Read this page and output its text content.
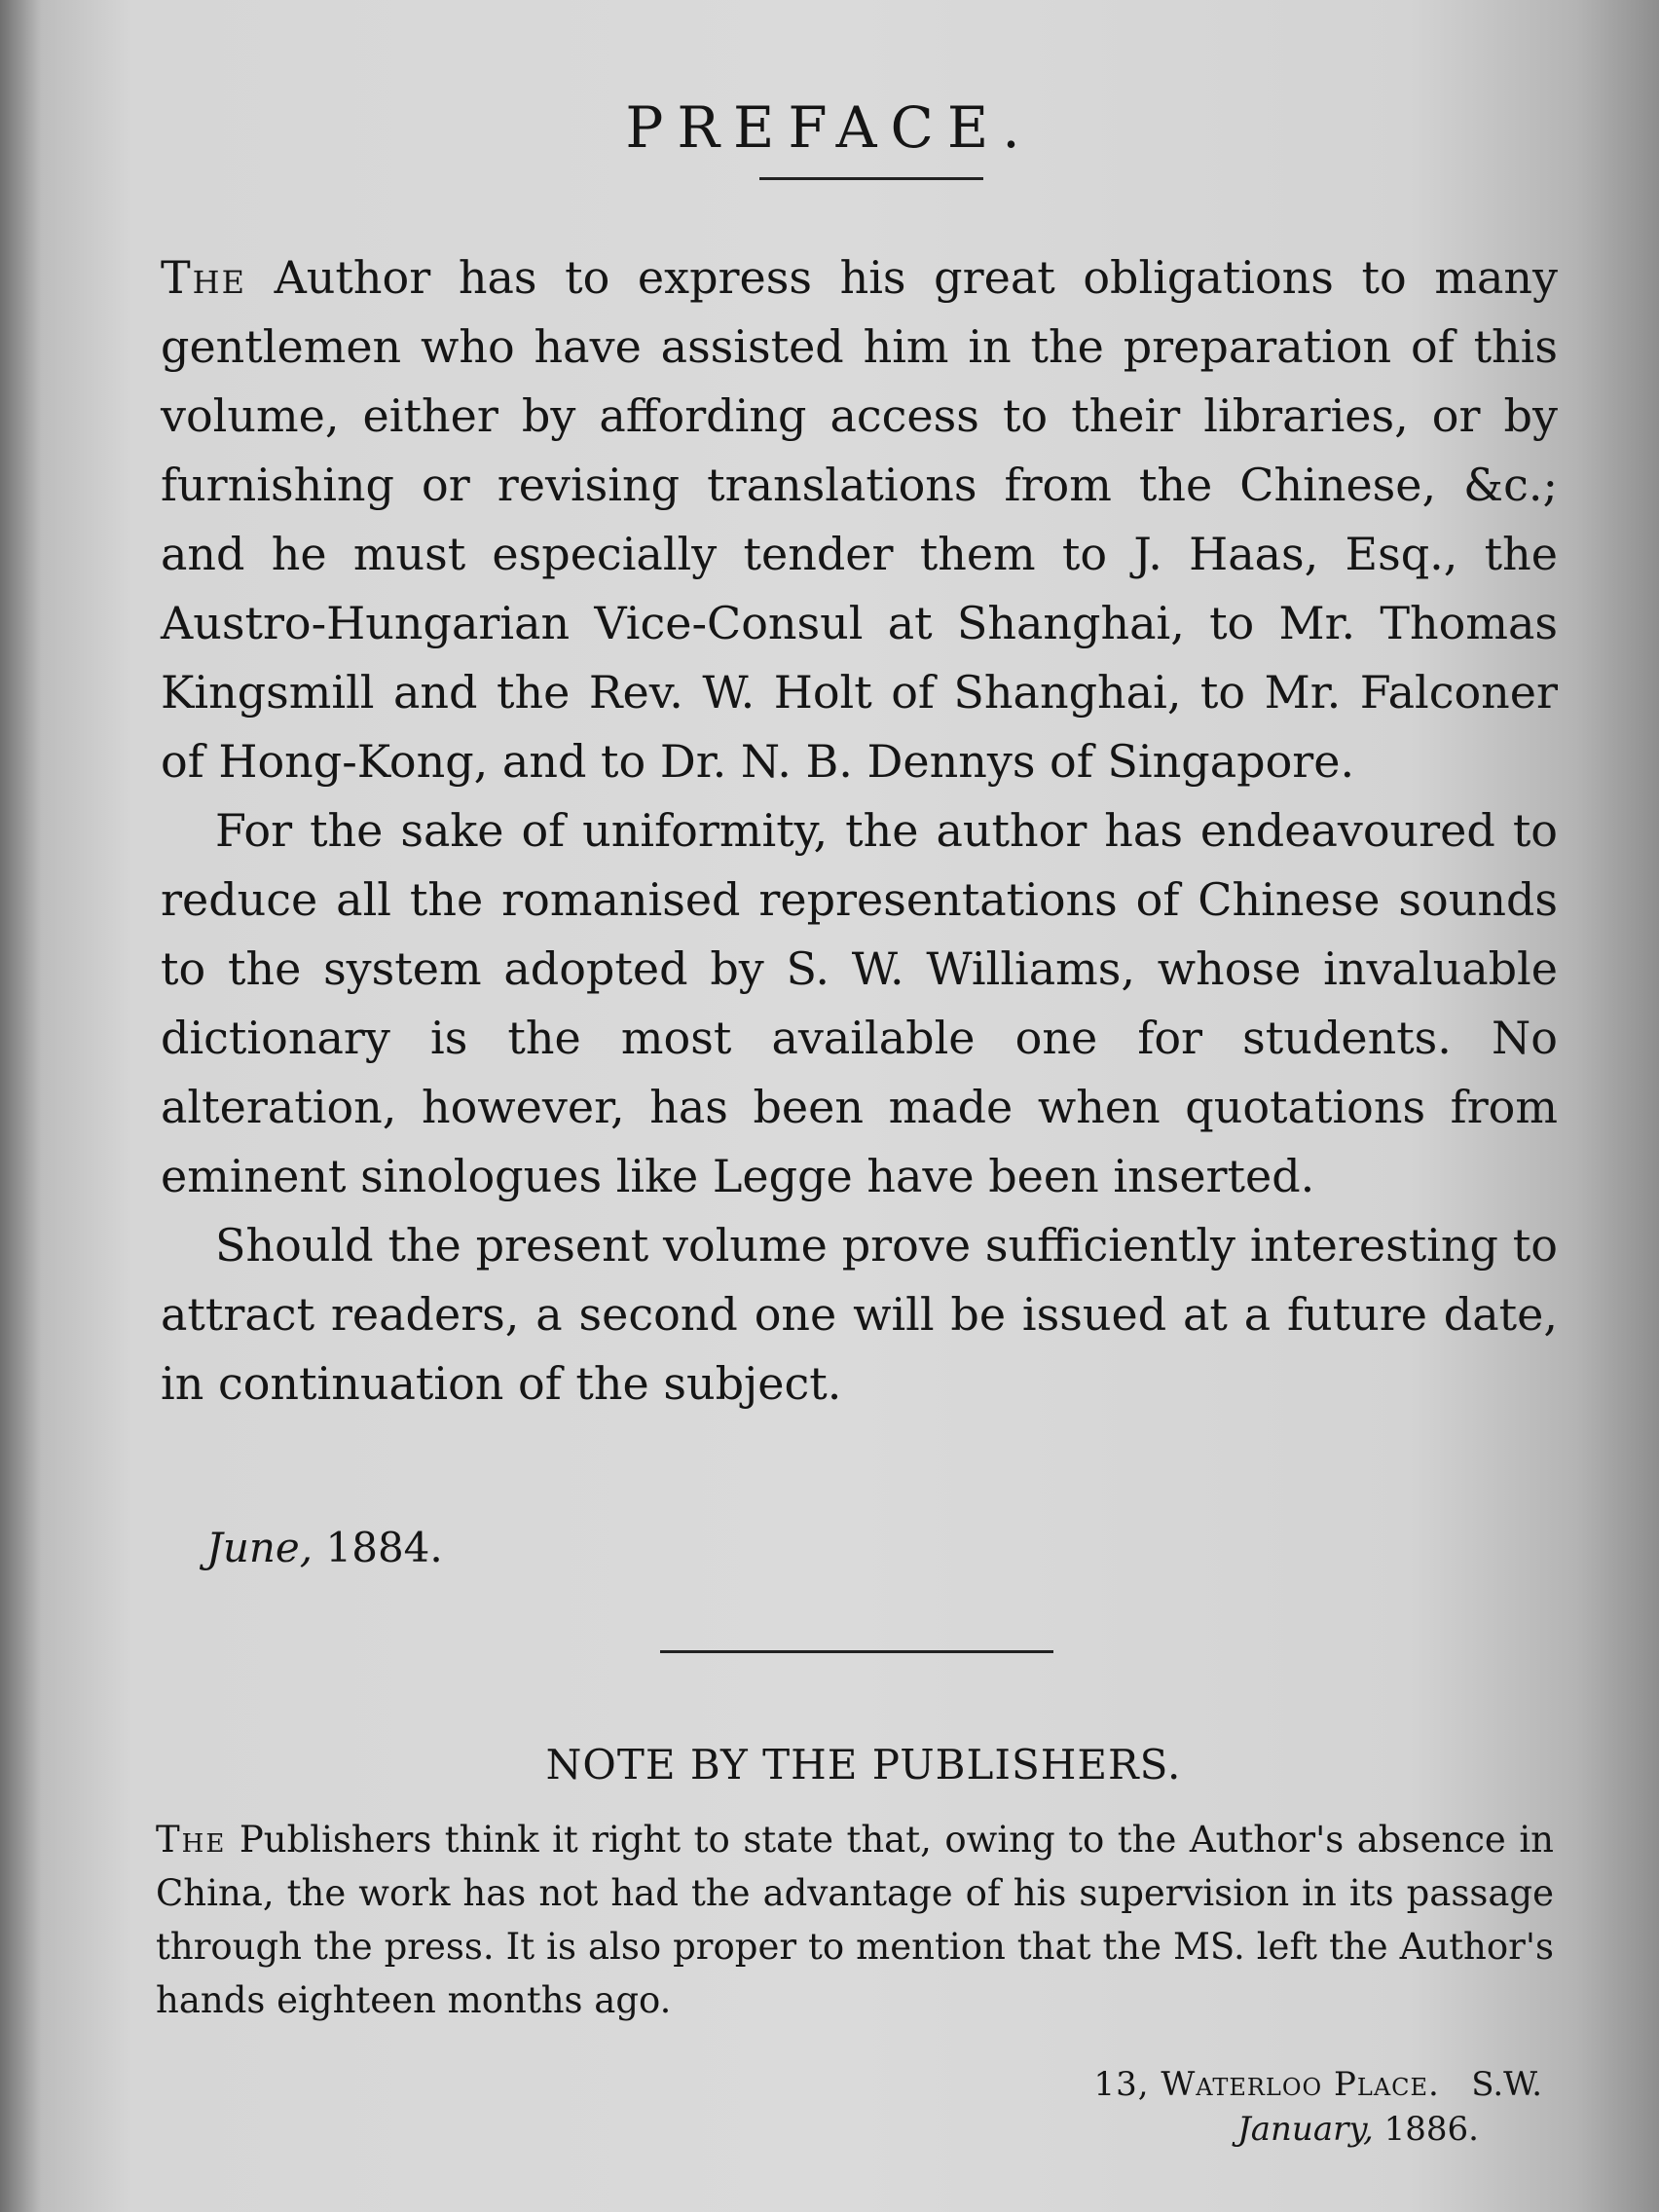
PREFACE.

The Author has to express his great obligations to many gentlemen who have assisted him in the preparation of this volume, either by affording access to their libraries, or by furnishing or revising translations from the Chinese, &c.; and he must especially tender them to J. Haas, Esq., the Austro-Hungarian Vice-Consul at Shanghai, to Mr. Thomas Kingsmill and the Rev. W. Holt of Shanghai, to Mr. Falconer of Hong-Kong, and to Dr. N. B. Dennys of Singapore.

For the sake of uniformity, the author has endeavoured to reduce all the romanised representations of Chinese sounds to the system adopted by S. W. Williams, whose invaluable dictionary is the most available one for students. No alteration, however, has been made when quotations from eminent sinologues like Legge have been inserted.

Should the present volume prove sufficiently interesting to attract readers, a second one will be issued at a future date, in continuation of the subject.

June, 1884.
NOTE BY THE PUBLISHERS.
The Publishers think it right to state that, owing to the Author's absence in China, the work has not had the advantage of his supervision in its passage through the press. It is also proper to mention that the MS. left the Author's hands eighteen months ago.
13, Waterloo Place. S.W.
January, 1886.
